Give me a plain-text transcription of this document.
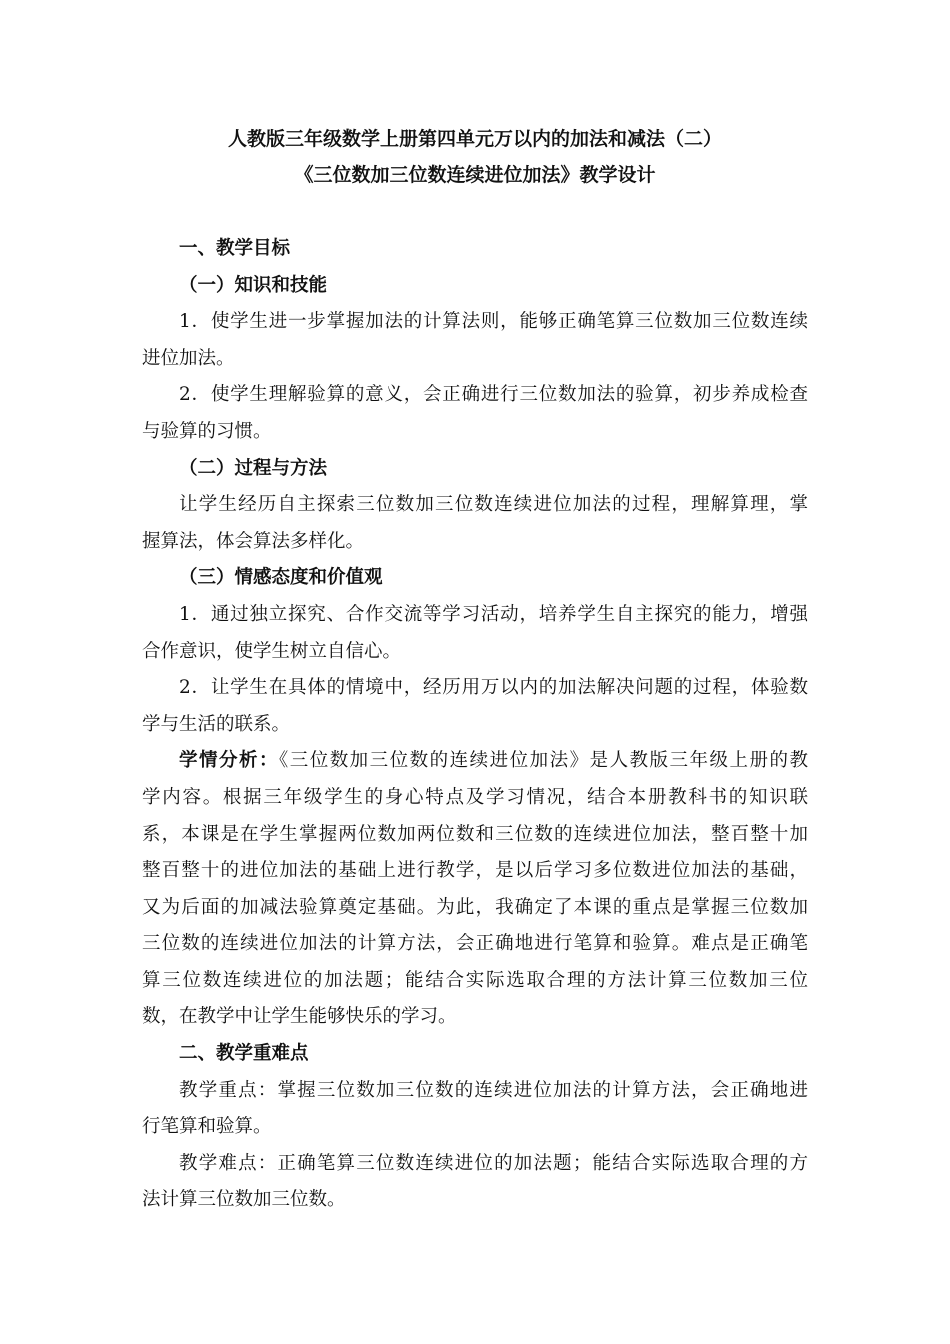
人教版三年级数学上册第四单元万以内的加法和减法（二）
《三位数加三位数连续进位加法》教学设计
一、教学目标
（一）知识和技能
1．使学生进一步掌握加法的计算法则，能够正确笔算三位数加三位数连续
进位加法。
2．使学生理解验算的意义，会正确进行三位数加法的验算，初步养成检查
与验算的习惯。
（二）过程与方法
让学生经历自主探索三位数加三位数连续进位加法的过程，理解算理，掌
握算法，体会算法多样化。
（三）情感态度和价值观
1．通过独立探究、合作交流等学习活动，培养学生自主探究的能力，增强
合作意识，使学生树立自信心。
2．让学生在具体的情境中，经历用万以内的加法解决问题的过程，体验数
学与生活的联系。
学情分析：《三位数加三位数的连续进位加法》是人教版三年级上册的教
学内容。根据三年级学生的身心特点及学习情况，结合本册教科书的知识联
系，本课是在学生掌握两位数加两位数和三位数的连续进位加法，整百整十加
整百整十的进位加法的基础上进行教学，是以后学习多位数进位加法的基础，
又为后面的加减法验算奠定基础。为此，我确定了本课的重点是掌握三位数加
三位数的连续进位加法的计算方法，会正确地进行笔算和验算。难点是正确笔
算三位数连续进位的加法题；能结合实际选取合理的方法计算三位数加三位
数，在教学中让学生能够快乐的学习。
二、教学重难点
教学重点：掌握三位数加三位数的连续进位加法的计算方法，会正确地进
行笔算和验算。
教学难点：正确笔算三位数连续进位的加法题；能结合实际选取合理的方
法计算三位数加三位数。
